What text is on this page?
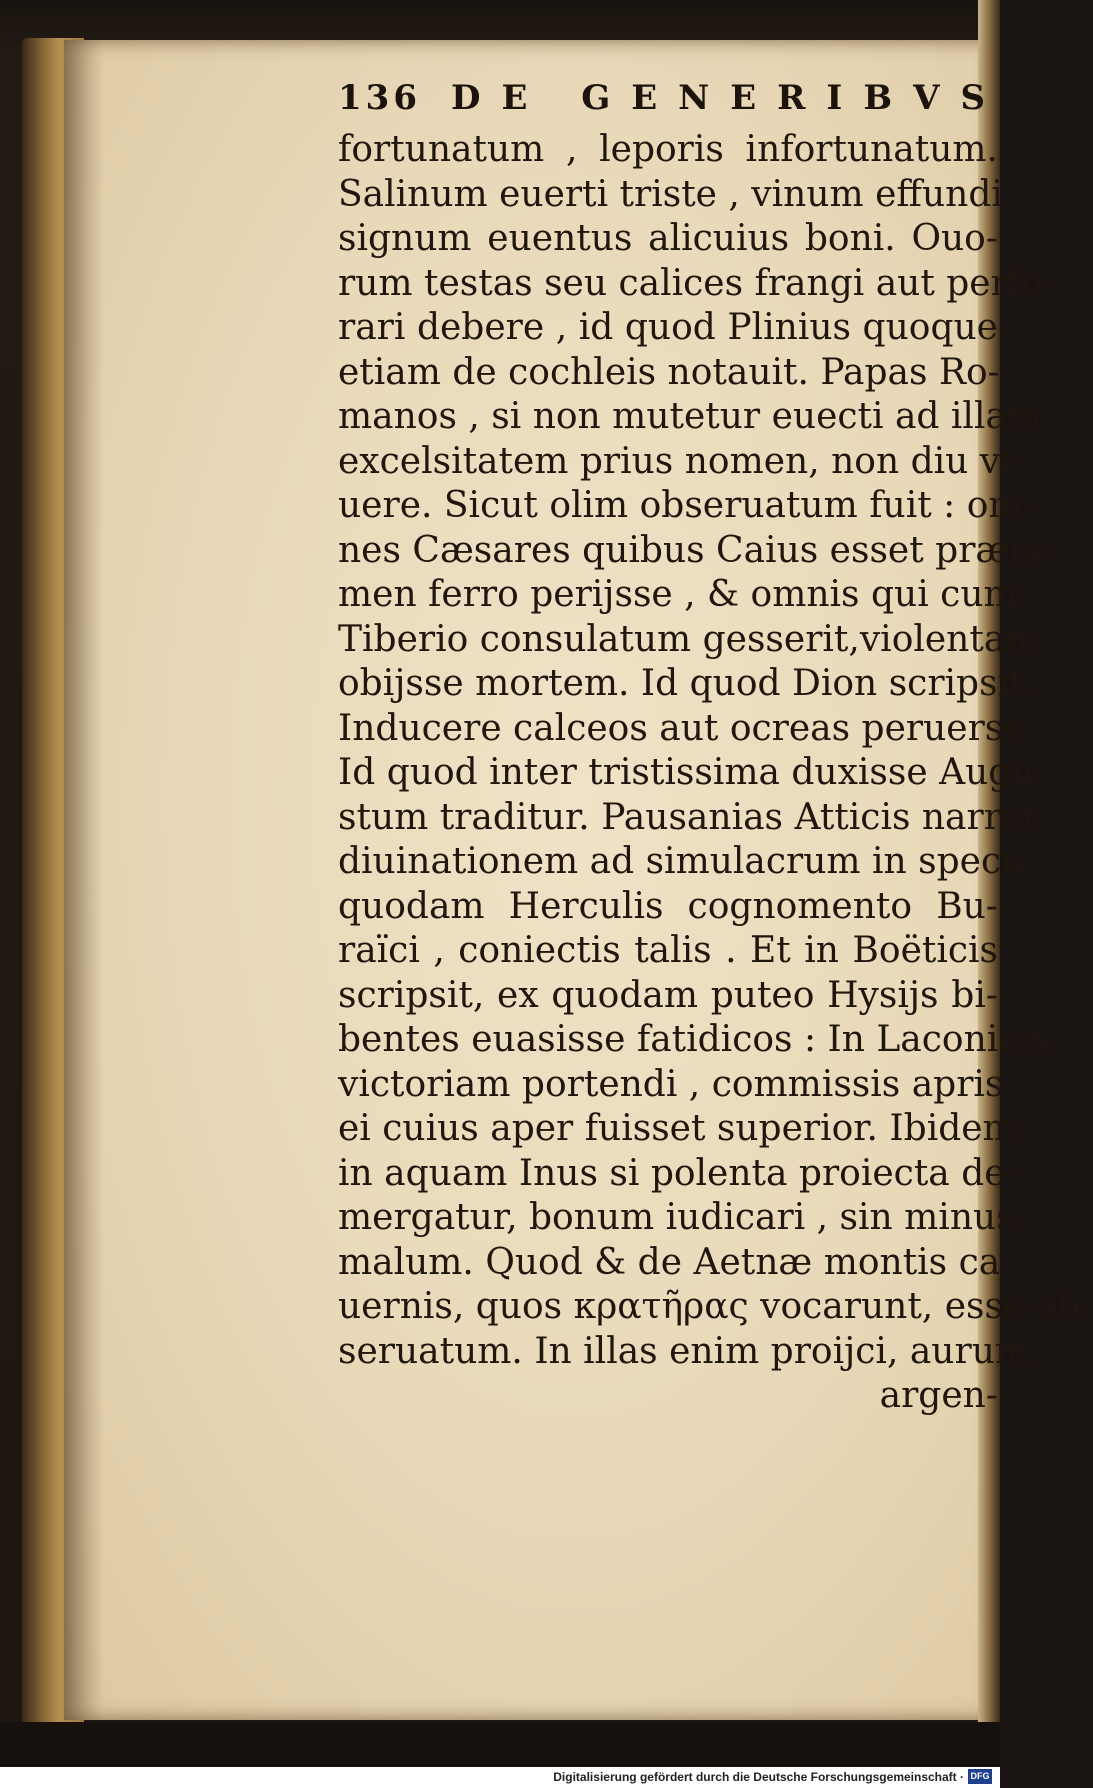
136 DE GENERIBVS
fortunatum , leporis infortunatum.
Salinum euerti triste , vinum effundi
signum euentus alicuius boni. Ouo-
rum testas seu calices frangi aut perfo-
rari debere , id quod Plinius quoque
etiam de cochleis notauit. Papas Ro-
manos , si non mutetur euecti ad illam
excelsitatem prius nomen, non diu vi-
uere. Sicut olim obseruatum fuit : om-
nes Cæsares quibus Caius esset præno-
men ferro perijsse , & omnis qui cum
Tiberio consulatum gesserit,violentam
obijsse mortem. Id quod Dion scripsit.
Inducere calceos aut ocreas peruersè.
Id quod inter tristissima duxisse Augu-
stum traditur. Pausanias Atticis narrat
diuinationem ad simulacrum in specu
quodam Herculis cognomento Bu-
raïci , coniectis talis . Et in Boëticis
scripsit, ex quodam puteo Hysijs bi-
bentes euasisse fatidicos : In Laconicis,
victoriam portendi , commissis apris ,
ei cuius aper fuisset superior. Ibidem
in aquam Inus si polenta proiecta de-
mergatur, bonum iudicari , sin minus,
malum. Quod & de Aetnæ montis ca-
uernis, quos κρατῆρας vocarunt, esse ob-
seruatum. In illas enim proijci, aurum,
argen-
Digitalisierung gefördert durch die Deutsche Forschungsgemeinschaft · DFG
